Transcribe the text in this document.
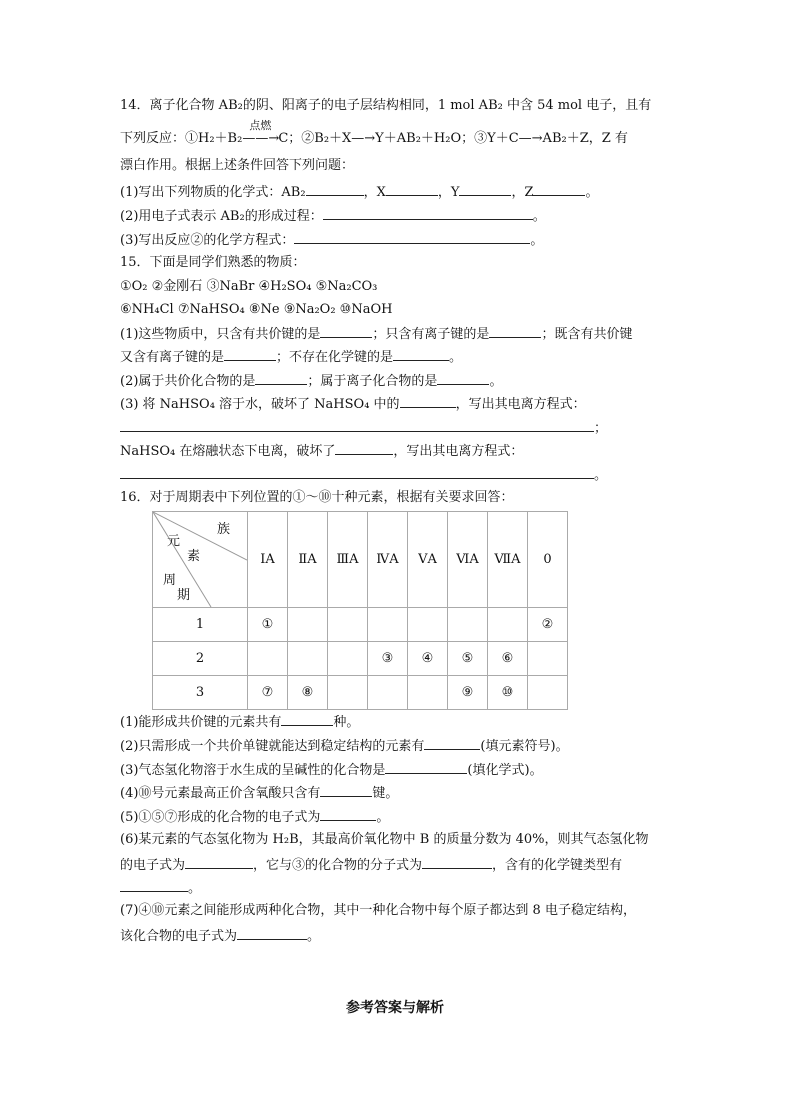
14．离子化合物 AB₂的阴、阳离子的电子层结构相同，1 mol AB₂ 中含 54 mol 电子，且有
下列反应：①H₂＋B₂
点燃
——→C；②B₂＋X—→Y＋AB₂＋H₂O；③Y＋C—→AB₂＋Z，Z 有
漂白作用。根据上述条件回答下列问题：
(1)写出下列物质的化学式：AB₂	，X	，Y	，Z	。
(2)用电子式表示 AB₂的形成过程：	。
(3)写出反应②的化学方程式：	。
15．下面是同学们熟悉的物质：
①O₂ ②金刚石 ③NaBr ④H₂SO₄ ⑤Na₂CO₃
⑥NH₄Cl ⑦NaHSO₄ ⑧Ne ⑨Na₂O₂ ⑩NaOH
(1)这些物质中，只含有共价键的是	；只含有离子键的是	；既含有共价键
又含有离子键的是	；不存在化学键的是	。
(2)属于共价化合物的是	；属于离子化合物的是	。
(3) 将 NaHSO₄ 溶于水，破坏了 NaHSO₄ 中的	，写出其电离方程式：
；
NaHSO₄ 在熔融状态下电离，破坏了	，写出其电离方程式：
。
16．对于周期表中下列位置的①～⑩十种元素，根据有关要求回答：
族
元
素
周
期	ⅠA	ⅡA	ⅢA	ⅣA	ⅤA	ⅥA	ⅦA	0
1	①							②
2				③	④	⑤	⑥	
3	⑦	⑧				⑨	⑩	
(1)能形成共价键的元素共有	种。
(2)只需形成一个共价单键就能达到稳定结构的元素有	(填元素符号)。
(3)气态氢化物溶于水生成的呈碱性的化合物是	(填化学式)。
(4)⑩号元素最高正价含氧酸只含有	键。
(5)①⑤⑦形成的化合物的电子式为	。
(6)某元素的气态氢化物为 H₂B，其最高价氧化物中 B 的质量分数为 40%，则其气态氢化物
的电子式为	，它与③的化合物的分子式为	，含有的化学键类型有
。
(7)④⑩元素之间能形成两种化合物，其中一种化合物中每个原子都达到 8 电子稳定结构，
该化合物的电子式为	。
参考答案与解析
